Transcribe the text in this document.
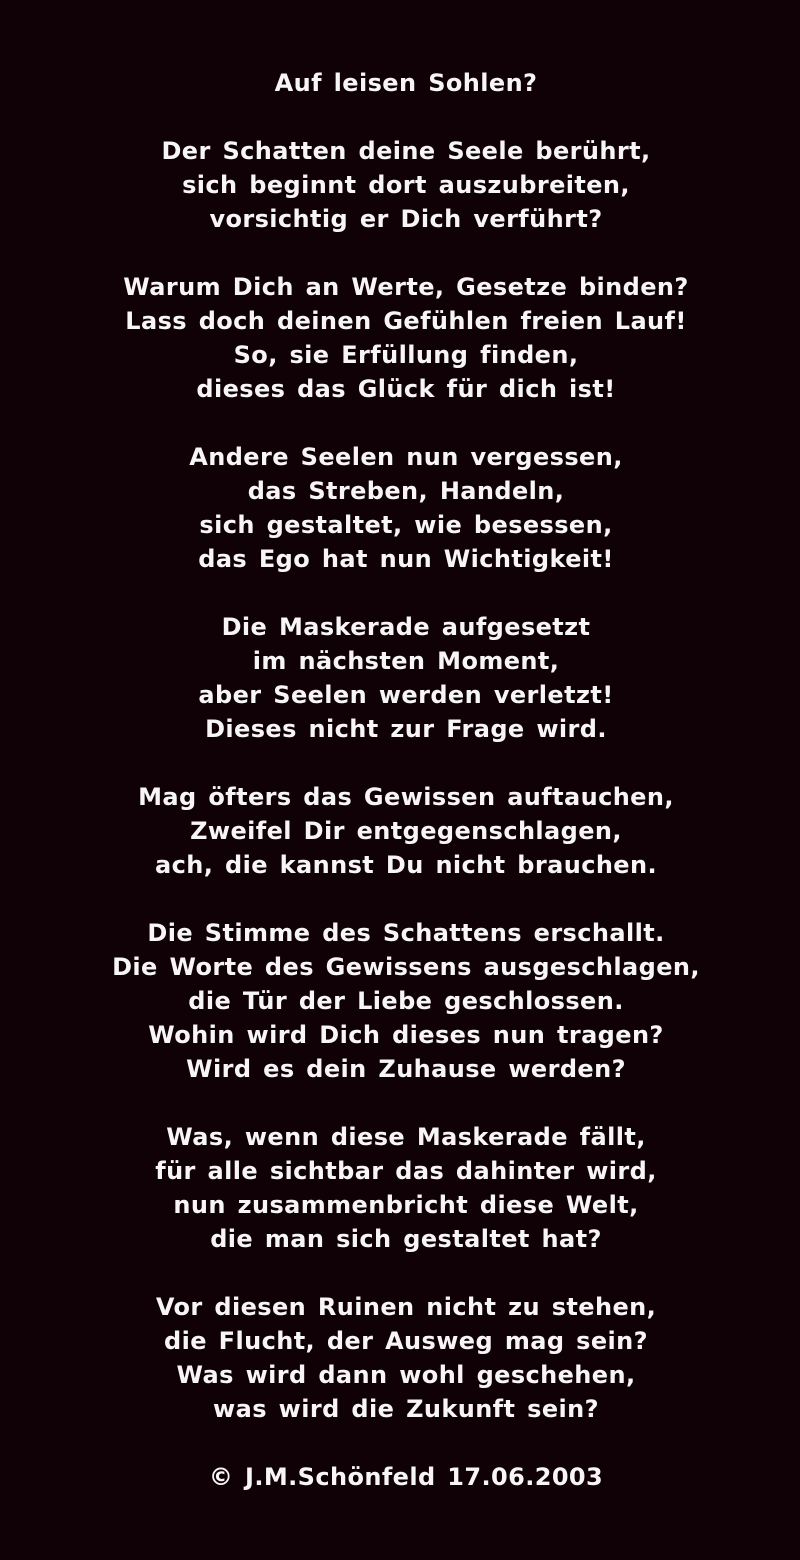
Auf leisen Sohlen?
Der Schatten deine Seele berührt,
sich beginnt dort auszubreiten,
vorsichtig er Dich verführt?
Warum Dich an Werte, Gesetze binden?
Lass doch deinen Gefühlen freien Lauf!
So, sie Erfüllung finden,
dieses das Glück für dich ist!
Andere Seelen nun vergessen,
das Streben, Handeln,
sich gestaltet, wie besessen,
das Ego hat nun Wichtigkeit!
Die Maskerade aufgesetzt
im nächsten Moment,
aber Seelen werden verletzt!
Dieses nicht zur Frage wird.
Mag öfters das Gewissen auftauchen,
Zweifel Dir entgegenschlagen,
ach, die kannst Du nicht brauchen.
Die Stimme des Schattens erschallt.
Die Worte des Gewissens ausgeschlagen,
die Tür der Liebe geschlossen.
Wohin wird Dich dieses nun tragen?
Wird es dein Zuhause werden?
Was, wenn diese Maskerade fällt,
für alle sichtbar das dahinter wird,
nun zusammenbricht diese Welt,
die man sich gestaltet hat?
Vor diesen Ruinen nicht zu stehen,
die Flucht, der Ausweg mag sein?
Was wird dann wohl geschehen,
was wird die Zukunft sein?
© J.M.Schönfeld 17.06.2003
